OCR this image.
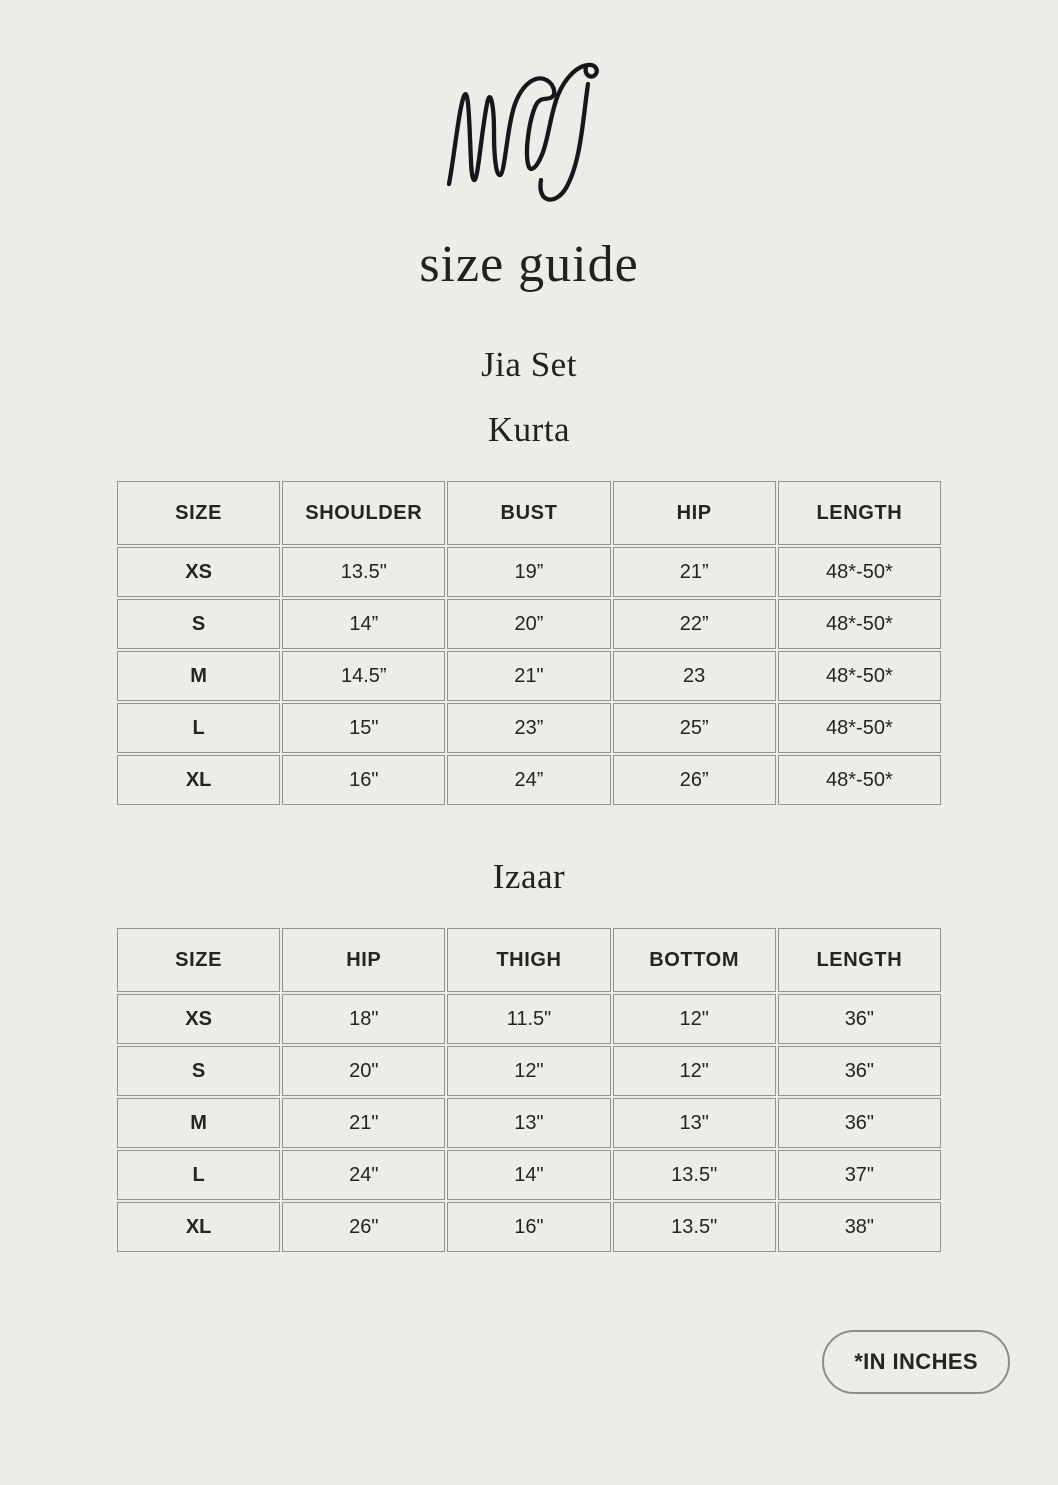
size guide
Jia Set
Kurta
SIZE	SHOULDER	BUST	HIP	LENGTH
XS	13.5"	19”	21”	48*-50*
S	14”	20”	22”	48*-50*
M	14.5”	21"	23	48*-50*
L	15"	23”	25”	48*-50*
XL	16"	24”	26”	48*-50*
Izaar
SIZE	HIP	THIGH	BOTTOM	LENGTH
XS	18"	11.5"	12"	36"
S	20"	12"	12"	36"
M	21"	13"	13"	36"
L	24"	14"	13.5"	37"
XL	26"	16"	13.5"	38"
*IN INCHES
